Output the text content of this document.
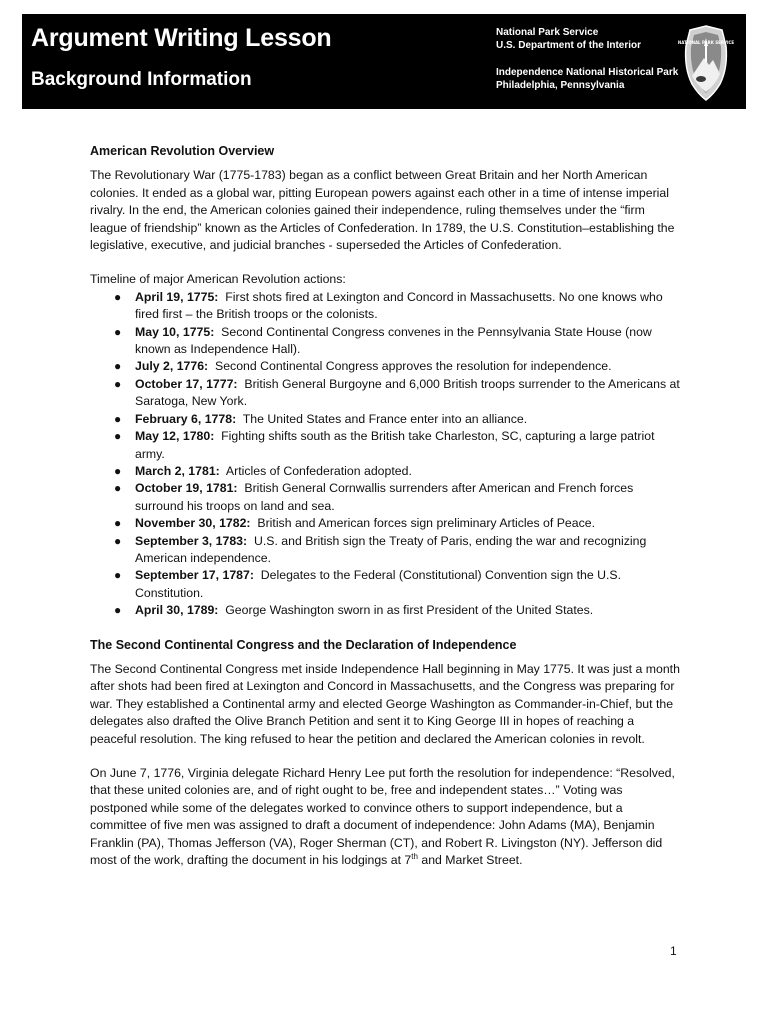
Argument Writing Lesson
Background Information
National Park Service
U.S. Department of the Interior
Independence National Historical Park
Philadelphia, Pennsylvania
NATIONAL PARK SERVICE
American Revolution Overview

The Revolutionary War (1775-1783) began as a conflict between Great Britain and her North American colonies. It ended as a global war, pitting European powers against each other in a time of intense imperial rivalry. In the end, the American colonies gained their independence, ruling themselves under the “firm league of friendship” known as the Articles of Confederation. In 1789, the U.S. Constitution–establishing the legislative, executive, and judicial branches - superseded the Articles of Confederation.

Timeline of major American Revolution actions:

● April 19, 1775: First shots fired at Lexington and Concord in Massachusetts. No one knows who fired first – the British troops or the colonists.
● May 10, 1775: Second Continental Congress convenes in the Pennsylvania State House (now known as Independence Hall).
● July 2, 1776: Second Continental Congress approves the resolution for independence.
● October 17, 1777: British General Burgoyne and 6,000 British troops surrender to the Americans at Saratoga, New York.
● February 6, 1778: The United States and France enter into an alliance.
● May 12, 1780: Fighting shifts south as the British take Charleston, SC, capturing a large patriot army.
● March 2, 1781: Articles of Confederation adopted.
● October 19, 1781: British General Cornwallis surrenders after American and French forces surround his troops on land and sea.
● November 30, 1782: British and American forces sign preliminary Articles of Peace.
● September 3, 1783: U.S. and British sign the Treaty of Paris, ending the war and recognizing American independence.
● September 17, 1787: Delegates to the Federal (Constitutional) Convention sign the U.S. Constitution.
● April 30, 1789: George Washington sworn in as first President of the United States.
The Second Continental Congress and the Declaration of Independence

The Second Continental Congress met inside Independence Hall beginning in May 1775. It was just a month after shots had been fired at Lexington and Concord in Massachusetts, and the Congress was preparing for war. They established a Continental army and elected George Washington as Commander-in-Chief, but the delegates also drafted the Olive Branch Petition and sent it to King George III in hopes of reaching a peaceful resolution. The king refused to hear the petition and declared the American colonies in revolt.

On June 7, 1776, Virginia delegate Richard Henry Lee put forth the resolution for independence: “Resolved, that these united colonies are, and of right ought to be, free and independent states…” Voting was postponed while some of the delegates worked to convince others to support independence, but a committee of five men was assigned to draft a document of independence: John Adams (MA), Benjamin Franklin (PA), Thomas Jefferson (VA), Roger Sherman (CT), and Robert R. Livingston (NY). Jefferson did most of the work, drafting the document in his lodgings at 7th and Market Street.

1
